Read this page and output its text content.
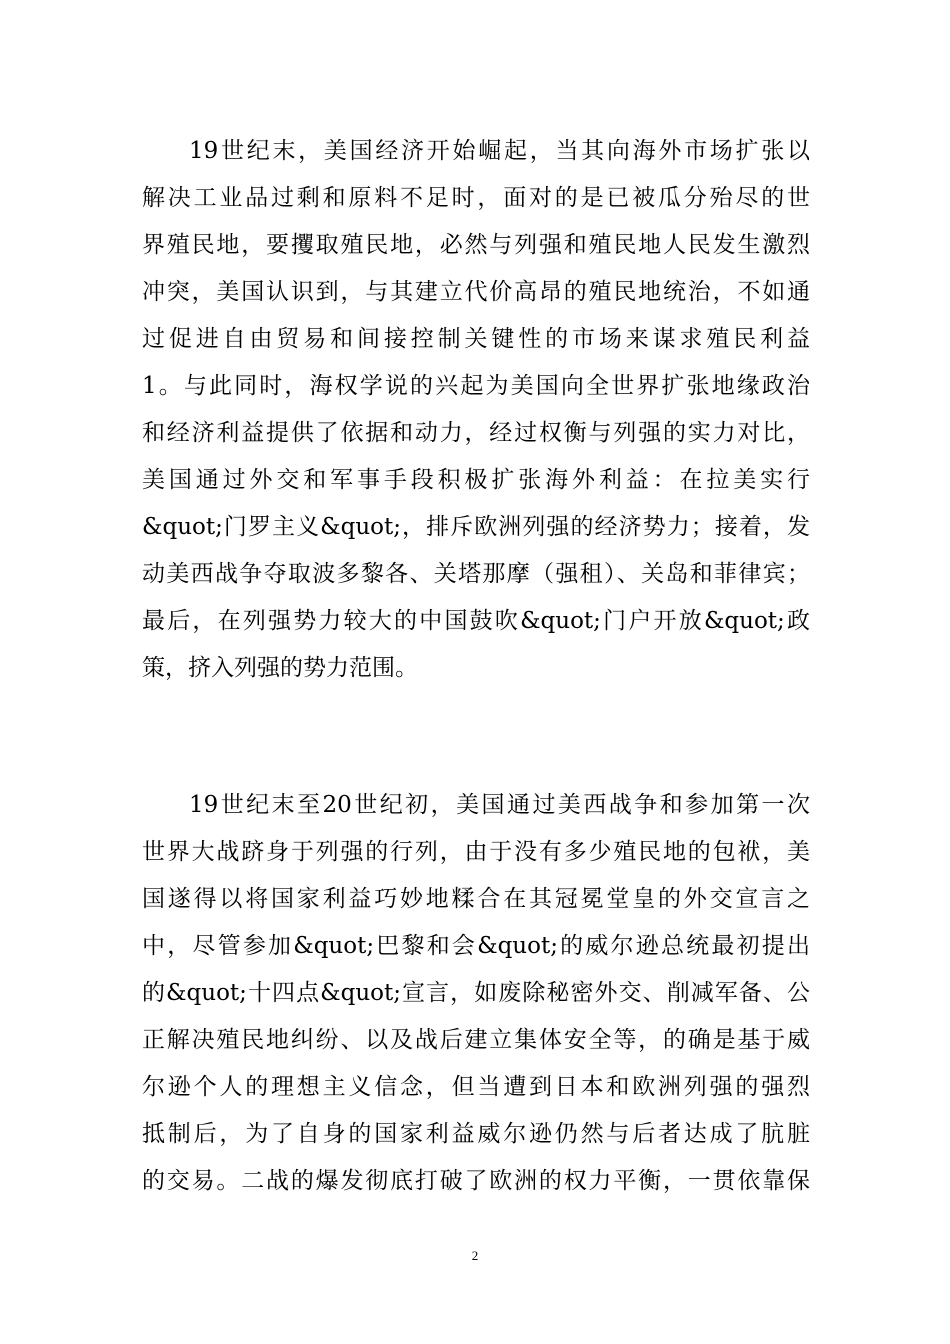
19世纪末，美国经济开始崛起，当其向海外市场扩张以
解决工业品过剩和原料不足时，面对的是已被瓜分殆尽的世
界殖民地，要攫取殖民地，必然与列强和殖民地人民发生激烈
冲突，美国认识到，与其建立代价高昂的殖民地统治，不如通
过促进自由贸易和间接控制关键性的市场来谋求殖民利益
1。与此同时，海权学说的兴起为美国向全世界扩张地缘政治
和经济利益提供了依据和动力，经过权衡与列强的实力对比，
美国通过外交和军事手段积极扩张海外利益：在拉美实行
&quot;门罗主义&quot;，排斥欧洲列强的经济势力；接着，发
动美西战争夺取波多黎各、关塔那摩（强租）、关岛和菲律宾；
最后，在列强势力较大的中国鼓吹&quot;门户开放&quot;政
策，挤入列强的势力范围。
19世纪末至20世纪初，美国通过美西战争和参加第一次
世界大战跻身于列强的行列，由于没有多少殖民地的包袱，美
国遂得以将国家利益巧妙地糅合在其冠冕堂皇的外交宣言之
中，尽管参加&quot;巴黎和会&quot;的威尔逊总统最初提出
的&quot;十四点&quot;宣言，如废除秘密外交、削减军备、公
正解决殖民地纠纷、以及战后建立集体安全等，的确是基于威
尔逊个人的理想主义信念，但当遭到日本和欧洲列强的强烈
抵制后，为了自身的国家利益威尔逊仍然与后者达成了肮脏
的交易。二战的爆发彻底打破了欧洲的权力平衡，一贯依靠保
2
